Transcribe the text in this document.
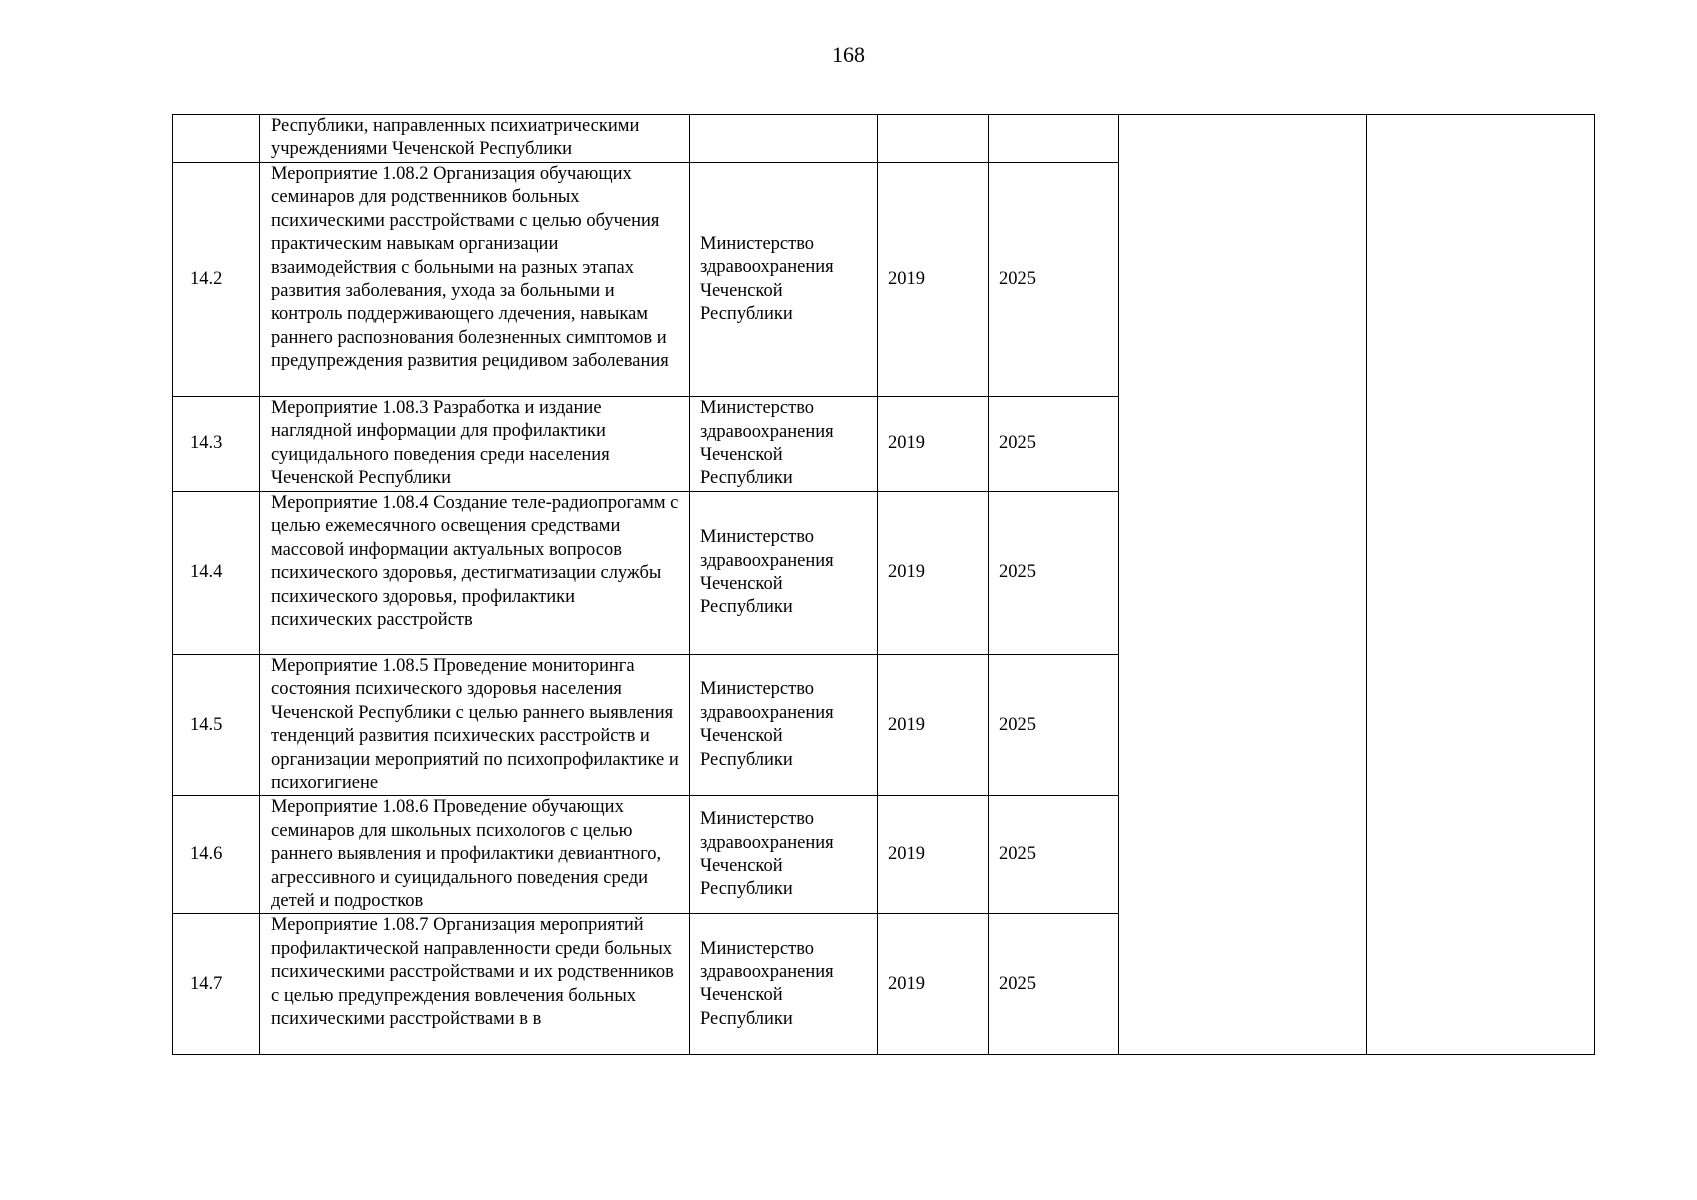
168
	Республики, направленных психиатрическими учреждениями Чеченской Республики					
14.2	Мероприятие 1.08.2 Организация обучающих семинаров для родственников больных психическими расстройствами с целью обучения практическим навыкам организации взаимодействия с больными на разных этапах развития заболевания, ухода за больными и контроль поддерживающего лдечения, навыкам раннего распознования болезненных симптомов и предупреждения развития рецидивом заболевания	Министерство здравоохранения Чеченской Республики	2019	2025		
14.3	Мероприятие 1.08.3 Разработка и издание наглядной информации для профилактики суицидального поведения среди населения Чеченской Республики	Министерство здравоохранения Чеченской Республики	2019	2025		
14.4	Мероприятие 1.08.4 Создание теле-радиопрогамм с целью ежемесячного освещения средствами массовой информации актуальных вопросов психического здоровья, дестигматизации службы психического здоровья, профилактики психических расстройств	Министерство здравоохранения Чеченской Республики	2019	2025		
14.5	Мероприятие 1.08.5 Проведение мониторинга состояния психического здоровья населения Чеченской Республики с целью раннего выявления тенденций развития психических расстройств и организации мероприятий по психопрофилактике и психогигиене	Министерство здравоохранения Чеченской Республики	2019	2025		
14.6	Мероприятие 1.08.6 Проведение обучающих семинаров для школьных психологов с целью раннего выявления и профилактики девиантного, агрессивного и суицидального поведения среди детей и подростков	Министерство здравоохранения Чеченской Республики	2019	2025		
14.7	Мероприятие 1.08.7 Организация мероприятий профилактической направленности среди больных психическими расстройствами и их родственников с целью предупреждения вовлечения больных психическими расстройствами в в	Министерство здравоохранения Чеченской Республики	2019	2025		
